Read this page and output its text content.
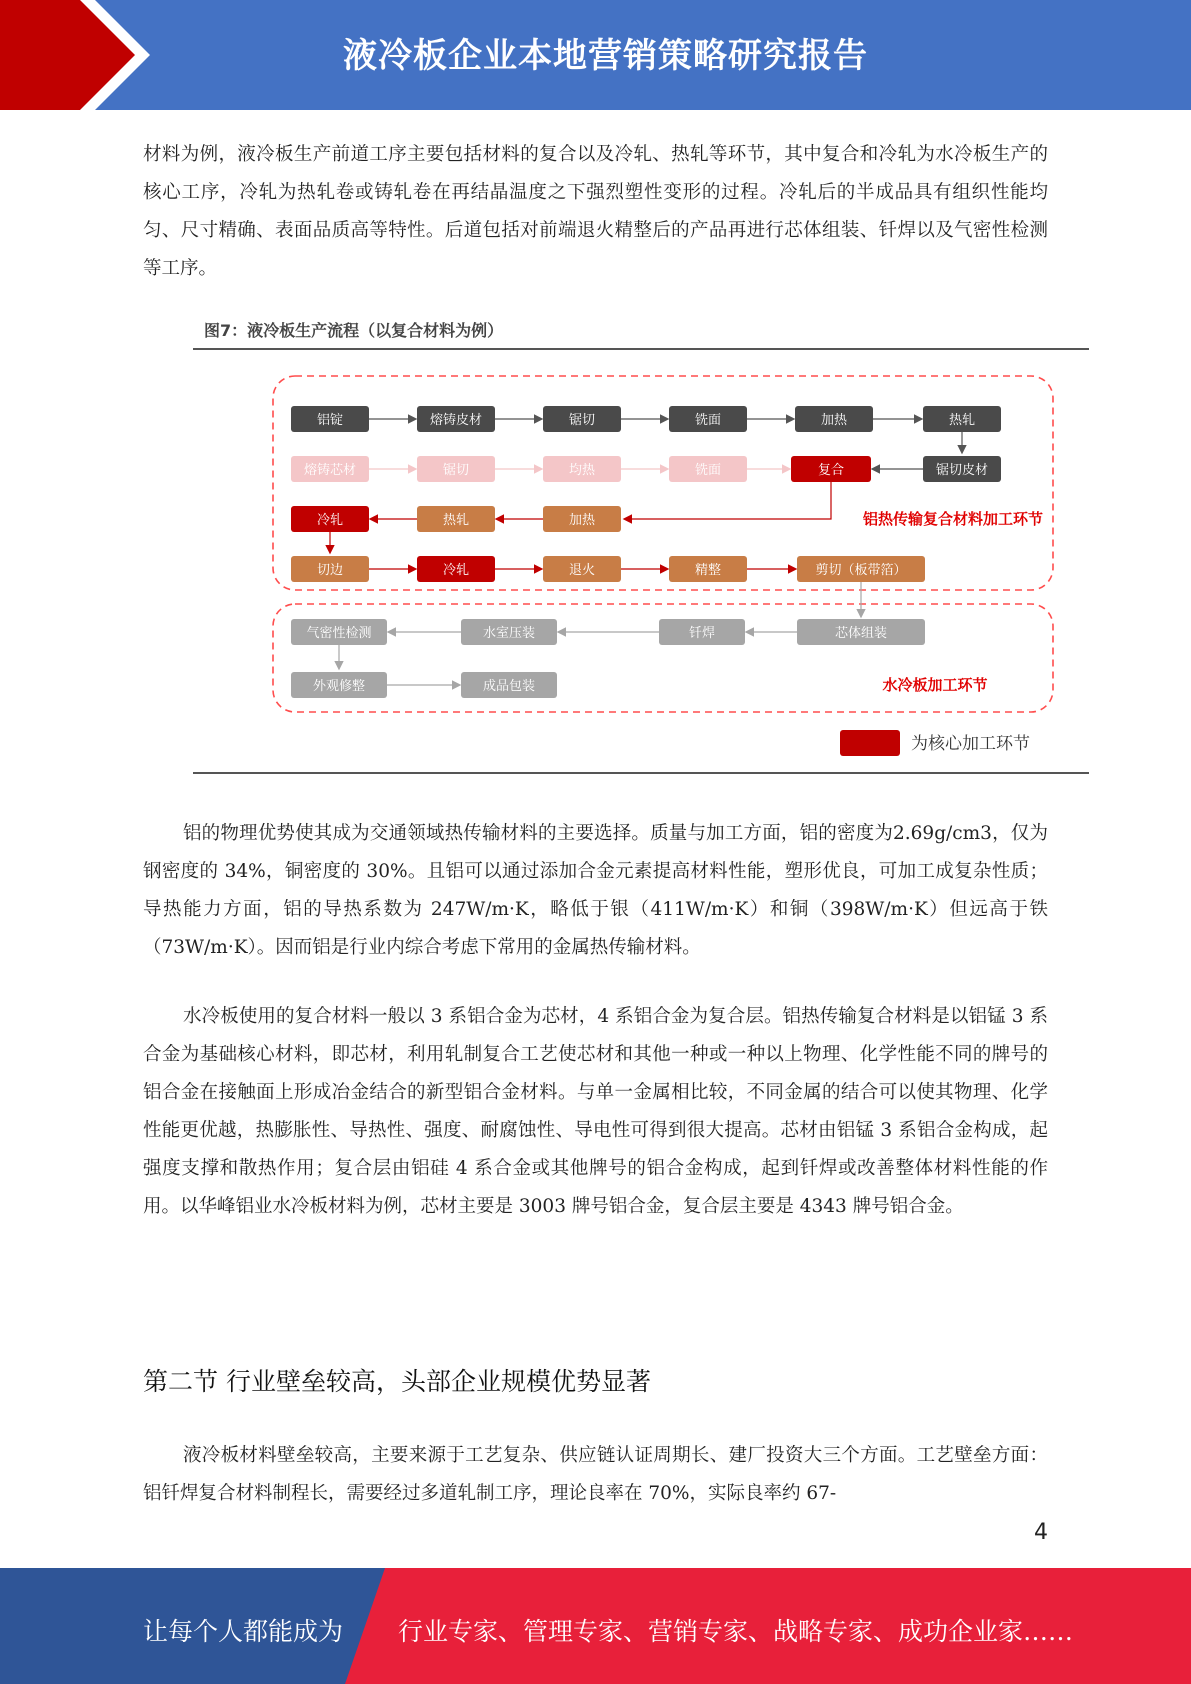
液冷板企业本地营销策略研究报告

材料为例，液冷板生产前道工序主要包括材料的复合以及冷轧、热轧等环节，其中复合和冷轧为水冷板生产的核心工序，冷轧为热轧卷或铸轧卷在再结晶温度之下强烈塑性变形的过程。冷轧后的半成品具有组织性能均匀、尺寸精确、表面品质高等特性。后道包括对前端退火精整后的产品再进行芯体组装、钎焊以及气密性检测等工序。

图7：液冷板生产流程（以复合材料为例）
铝锭	熔铸皮材	锯切	铣面	加热	热轧
熔铸芯材	锯切	均热	铣面	复合	锯切皮材
冷轧	热轧	加热	铝热传输复合材料加工环节
切边	冷轧	退火	精整	剪切（板带箔）
气密性检测	水室压装	钎焊	芯体组装
外观修整	成品包装	水冷板加工环节
为核心加工环节

铝的物理优势使其成为交通领域热传输材料的主要选择。质量与加工方面，铝的密度为2.69g/cm3，仅为钢密度的 34%，铜密度的 30%。且铝可以通过添加合金元素提高材料性能，塑形优良，可加工成复杂性质；导热能力方面，铝的导热系数为 247W/m·K，略低于银（411W/m·K）和铜（398W/m·K）但远高于铁（73W/m·K）。因而铝是行业内综合考虑下常用的金属热传输材料。

水冷板使用的复合材料一般以 3 系铝合金为芯材，4 系铝合金为复合层。铝热传输复合材料是以铝锰 3 系合金为基础核心材料，即芯材，利用轧制复合工艺使芯材和其他一种或一种以上物理、化学性能不同的牌号的铝合金在接触面上形成冶金结合的新型铝合金材料。与单一金属相比较，不同金属的结合可以使其物理、化学性能更优越，热膨胀性、导热性、强度、耐腐蚀性、导电性可得到很大提高。芯材由铝锰 3 系铝合金构成，起强度支撑和散热作用；复合层由铝硅 4 系合金或其他牌号的铝合金构成，起到钎焊或改善整体材料性能的作用。以华峰铝业水冷板材料为例，芯材主要是 3003 牌号铝合金，复合层主要是 4343 牌号铝合金。

第二节 行业壁垒较高，头部企业规模优势显著

液冷板材料壁垒较高，主要来源于工艺复杂、供应链认证周期长、建厂投资大三个方面。工艺壁垒方面：铝钎焊复合材料制程长，需要经过多道轧制工序，理论良率在 70%，实际良率约 67-

4
让每个人都能成为 行业专家、管理专家、营销专家、战略专家、成功企业家……
